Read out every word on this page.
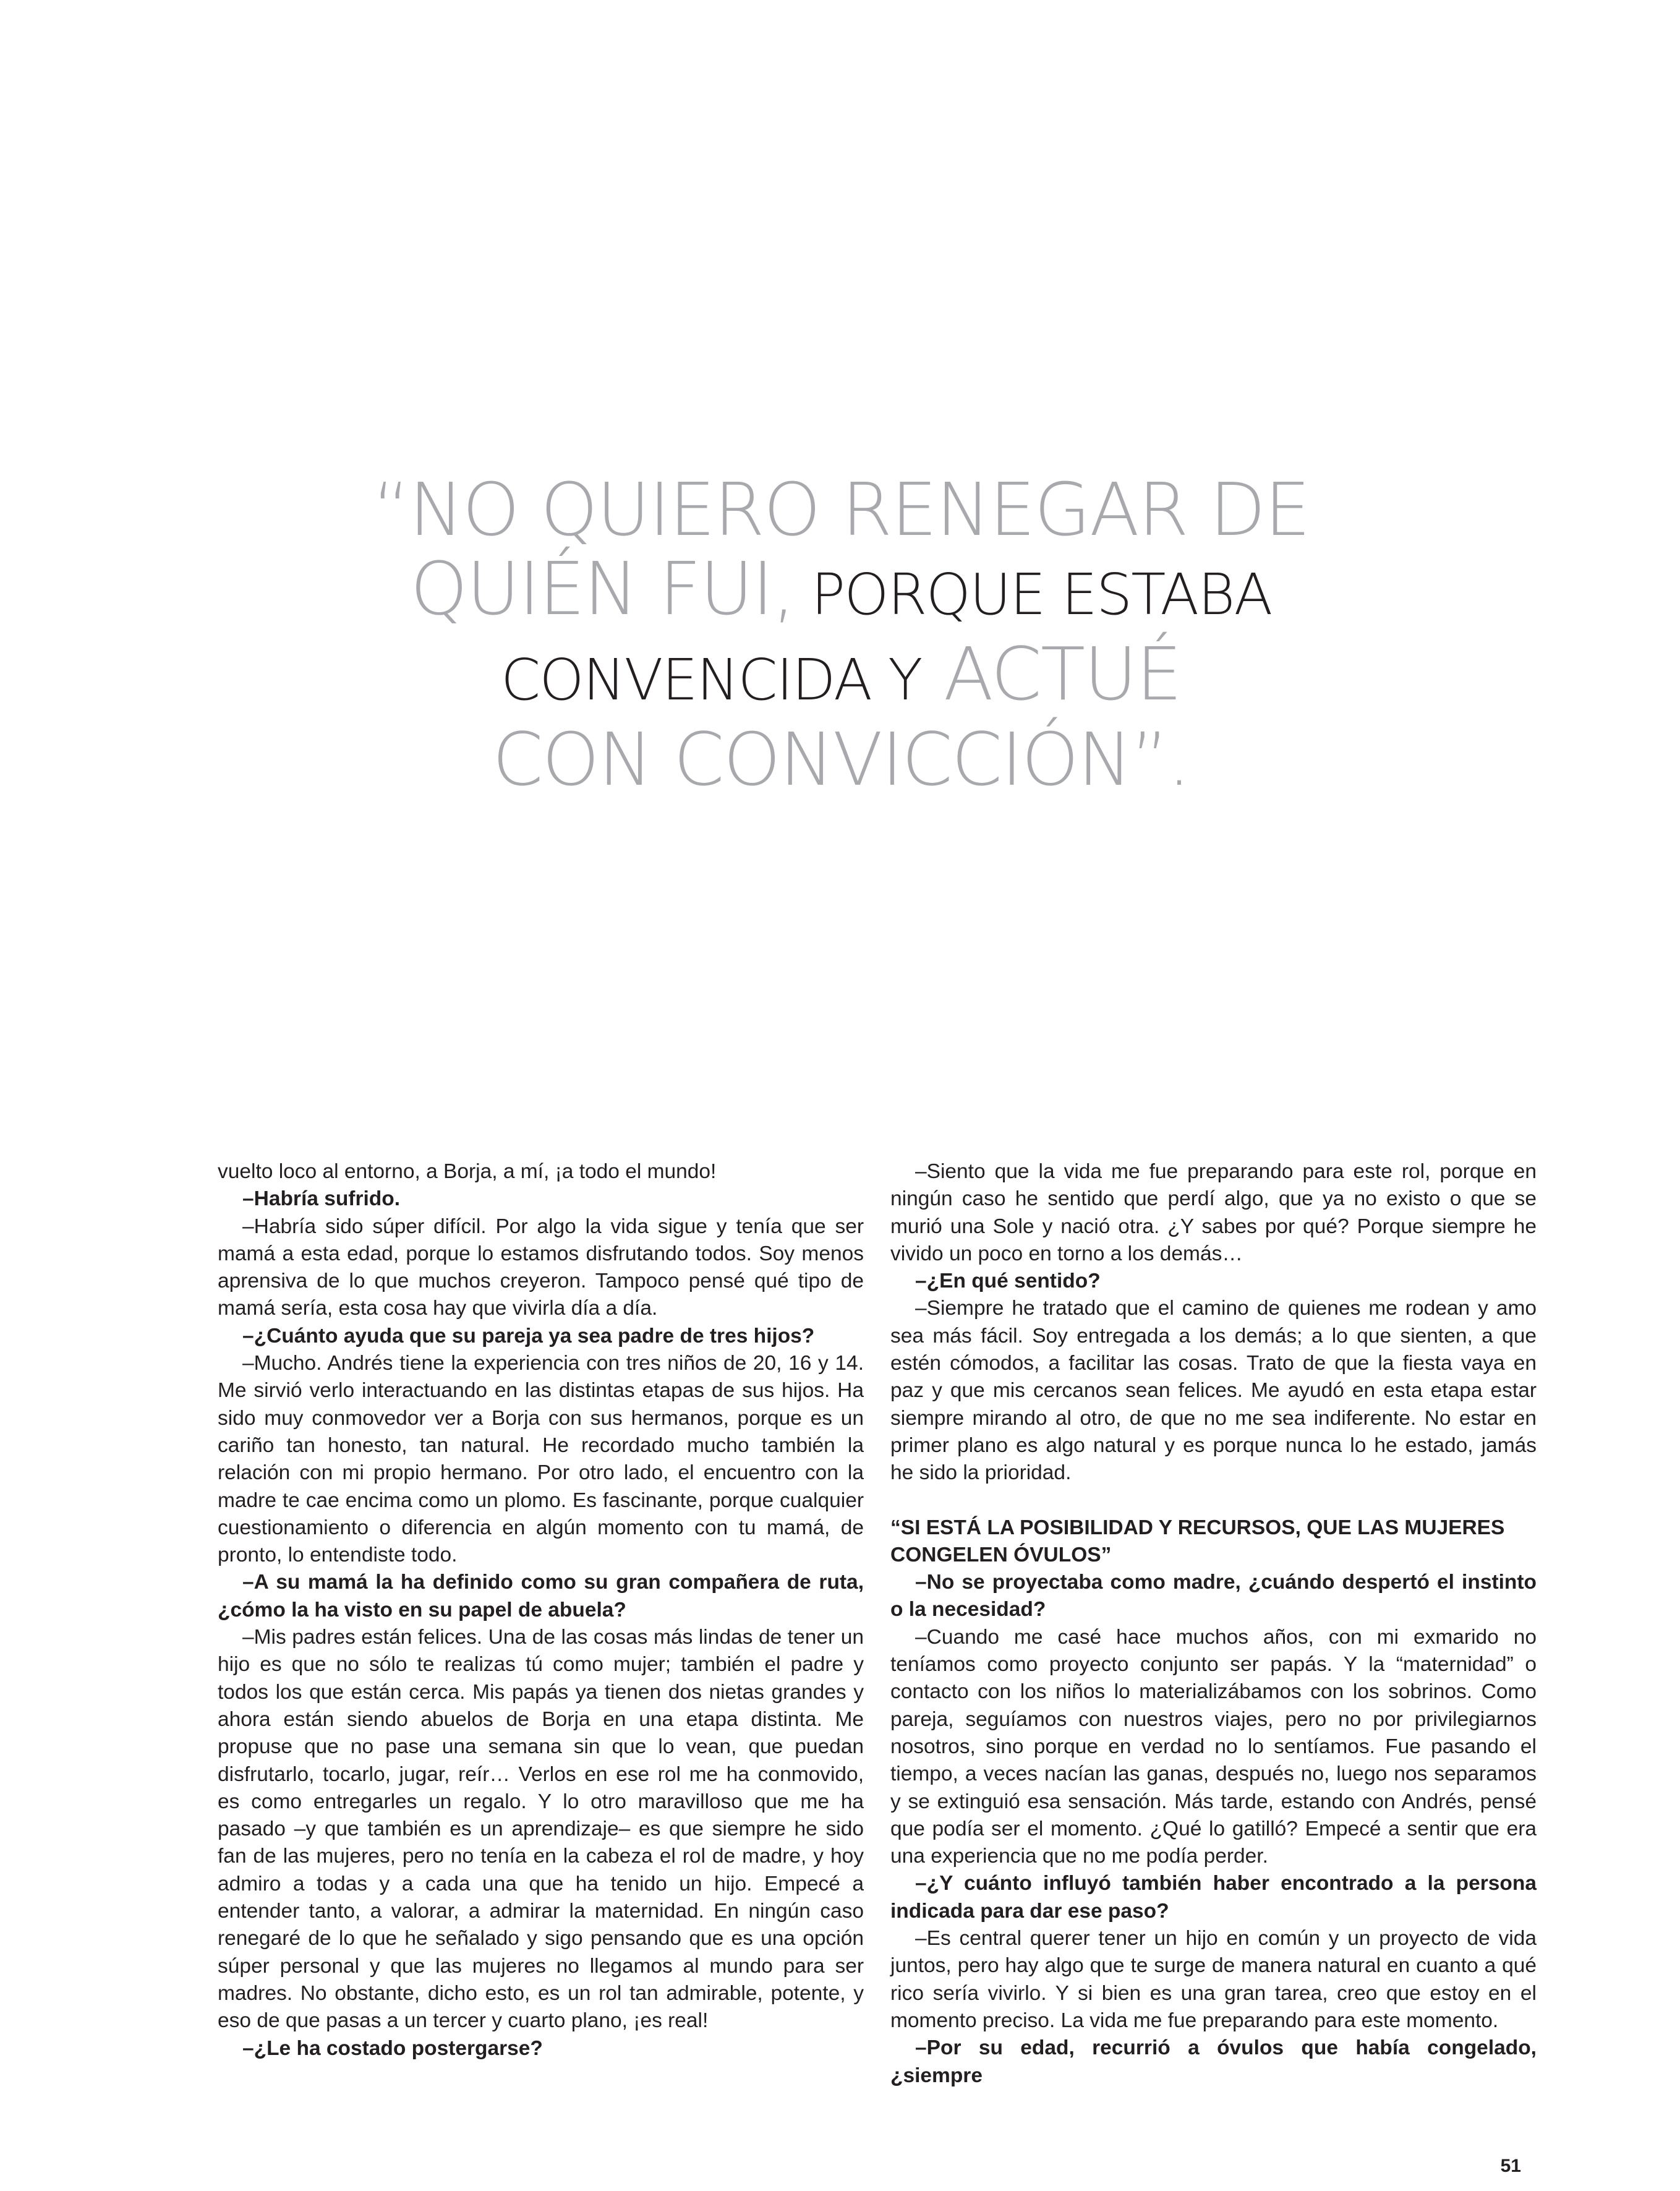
“NO QUIERO RENEGAR DE
QUIÉN FUI, PORQUE ESTABA
CONVENCIDA Y ACTUÉ
CON CONVICCIÓN”.

vuelto loco al entorno, a Borja, a mí, ¡a todo el mundo!

–Habría sufrido.

–Habría sido súper difícil. Por algo la vida sigue y tenía que ser mamá a esta edad, porque lo estamos disfrutando todos. Soy menos aprensiva de lo que muchos creyeron. Tampoco pensé qué tipo de mamá sería, esta cosa hay que vivirla día a día.

–¿Cuánto ayuda que su pareja ya sea padre de tres hijos?

–Mucho. Andrés tiene la experiencia con tres niños de 20, 16 y 14. Me sirvió verlo interactuando en las distintas etapas de sus hijos. Ha sido muy conmovedor ver a Borja con sus hermanos, porque es un cariño tan honesto, tan natural. He recordado mucho también la relación con mi propio hermano. Por otro lado, el encuentro con la madre te cae encima como un plomo. Es fascinante, porque cualquier cuestionamiento o diferencia en algún momento con tu mamá, de pronto, lo entendiste todo.

–A su mamá la ha definido como su gran compañera de ruta, ¿cómo la ha visto en su papel de abuela?

–Mis padres están felices. Una de las cosas más lindas de tener un hijo es que no sólo te realizas tú como mujer; también el padre y todos los que están cerca. Mis papás ya tienen dos nietas grandes y ahora están siendo abuelos de Borja en una etapa distinta. Me propuse que no pase una semana sin que lo vean, que puedan disfrutarlo, tocarlo, jugar, reír… Verlos en ese rol me ha conmovido, es como entregarles un regalo. Y lo otro maravilloso que me ha pasado –y que también es un aprendizaje– es que siempre he sido fan de las mujeres, pero no tenía en la cabeza el rol de madre, y hoy admiro a todas y a cada una que ha tenido un hijo. Empecé a entender tanto, a valorar, a admirar la maternidad. En ningún caso renegaré de lo que he señalado y sigo pensando que es una opción súper personal y que las mujeres no llegamos al mundo para ser madres. No obstante, dicho esto, es un rol tan admirable, potente, y eso de que pasas a un tercer y cuarto plano, ¡es real!

–¿Le ha costado postergarse?

–Siento que la vida me fue preparando para este rol, porque en ningún caso he sentido que perdí algo, que ya no existo o que se murió una Sole y nació otra. ¿Y sabes por qué? Porque siempre he vivido un poco en torno a los demás…

–¿En qué sentido?

–Siempre he tratado que el camino de quienes me rodean y amo sea más fácil. Soy entregada a los demás; a lo que sienten, a que estén cómodos, a facilitar las cosas. Trato de que la fiesta vaya en paz y que mis cercanos sean felices. Me ayudó en esta etapa estar siempre mirando al otro, de que no me sea indiferente. No estar en primer plano es algo natural y es porque nunca lo he estado, jamás he sido la prioridad.

“SI ESTÁ LA POSIBILIDAD Y RECURSOS, QUE LAS MUJERES CONGELEN ÓVULOS”

–No se proyectaba como madre, ¿cuándo despertó el instinto o la necesidad?

–Cuando me casé hace muchos años, con mi exmarido no teníamos como proyecto conjunto ser papás. Y la “maternidad” o contacto con los niños lo materializábamos con los sobrinos. Como pareja, seguíamos con nuestros viajes, pero no por privilegiarnos nosotros, sino porque en verdad no lo sentíamos. Fue pasando el tiempo, a veces nacían las ganas, después no, luego nos separamos y se extinguió esa sensación. Más tarde, estando con Andrés, pensé que podía ser el momento. ¿Qué lo gatilló? Empecé a sentir que era una experiencia que no me podía perder.

–¿Y cuánto influyó también haber encontrado a la persona indicada para dar ese paso?

–Es central querer tener un hijo en común y un proyecto de vida juntos, pero hay algo que te surge de manera natural en cuanto a qué rico sería vivirlo. Y si bien es una gran tarea, creo que estoy en el momento preciso. La vida me fue preparando para este momento.

–Por su edad, recurrió a óvulos que había congelado, ¿siempre

51
